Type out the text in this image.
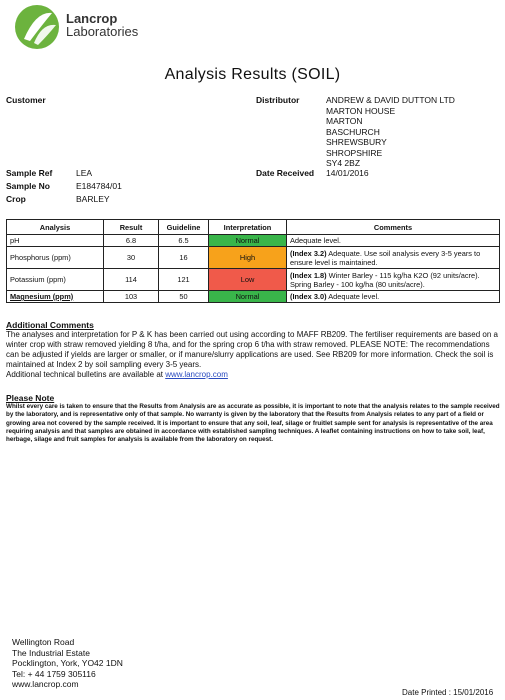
Lancrop
Laboratories
Analysis Results (SOIL)
Customer	Distributor	ANDREW & DAVID DUTTON LTD
MARTON HOUSE
MARTON
BASCHURCH
SHREWSBURY
SHROPSHIRE
SY4 2BZ
Sample Ref	LEA
Sample No	E184784/01
Crop	BARLEY
Date Received 14/01/2016
Analysis	Result	Guideline	Interpretation	Comments
pH	6.8	6.5	Normal	Adequate level.
Phosphorus (ppm)	30	16	High	(Index 3.2) Adequate. Use soil analysis every 3-5 years to ensure level is maintained.
Potassium (ppm)	114	121	Low	(Index 1.8) Winter Barley - 115 kg/ha K2O (92 units/acre). Spring Barley - 100 kg/ha (80 units/acre).
Magnesium (ppm)	103	50	Normal	(Index 3.0) Adequate level.
Additional Comments
The analyses and interpretation for P & K has been carried out using according to MAFF RB209. The fertiliser requirements are based on a winter crop with straw removed yielding 8 t/ha, and for the spring crop 6 t/ha with straw removed. PLEASE NOTE: The recommendations can be adjusted if yields are larger or smaller, or if manure/slurry applications are used. See RB209 for more information. Check the soil is maintained at Index 2 by soil sampling every 3-5 years.
Additional technical bulletins are available at www.lancrop.com
Please Note
Whilst every care is taken to ensure that the Results from Analysis are as accurate as possible, it is important to note that the analysis relates to the sample received by the laboratory, and is representative only of that sample. No warranty is given by the laboratory that the Results from Analysis relates to any part of a field or growing area not covered by the sample received. It is important to ensure that any soil, leaf, silage or fruitlet sample sent for analysis is representative of the area requiring analysis and that samples are obtained in accordance with established sampling techniques. A leaflet containing instructions on how to take soil, leaf, herbage, silage and fruit samples for analysis is available from the laboratory on request.
Wellington Road
The Industrial Estate
Pocklington, York, YO42 1DN
Tel: + 44 1759 305116
www.lancrop.com
Date Printed : 15/01/2016
